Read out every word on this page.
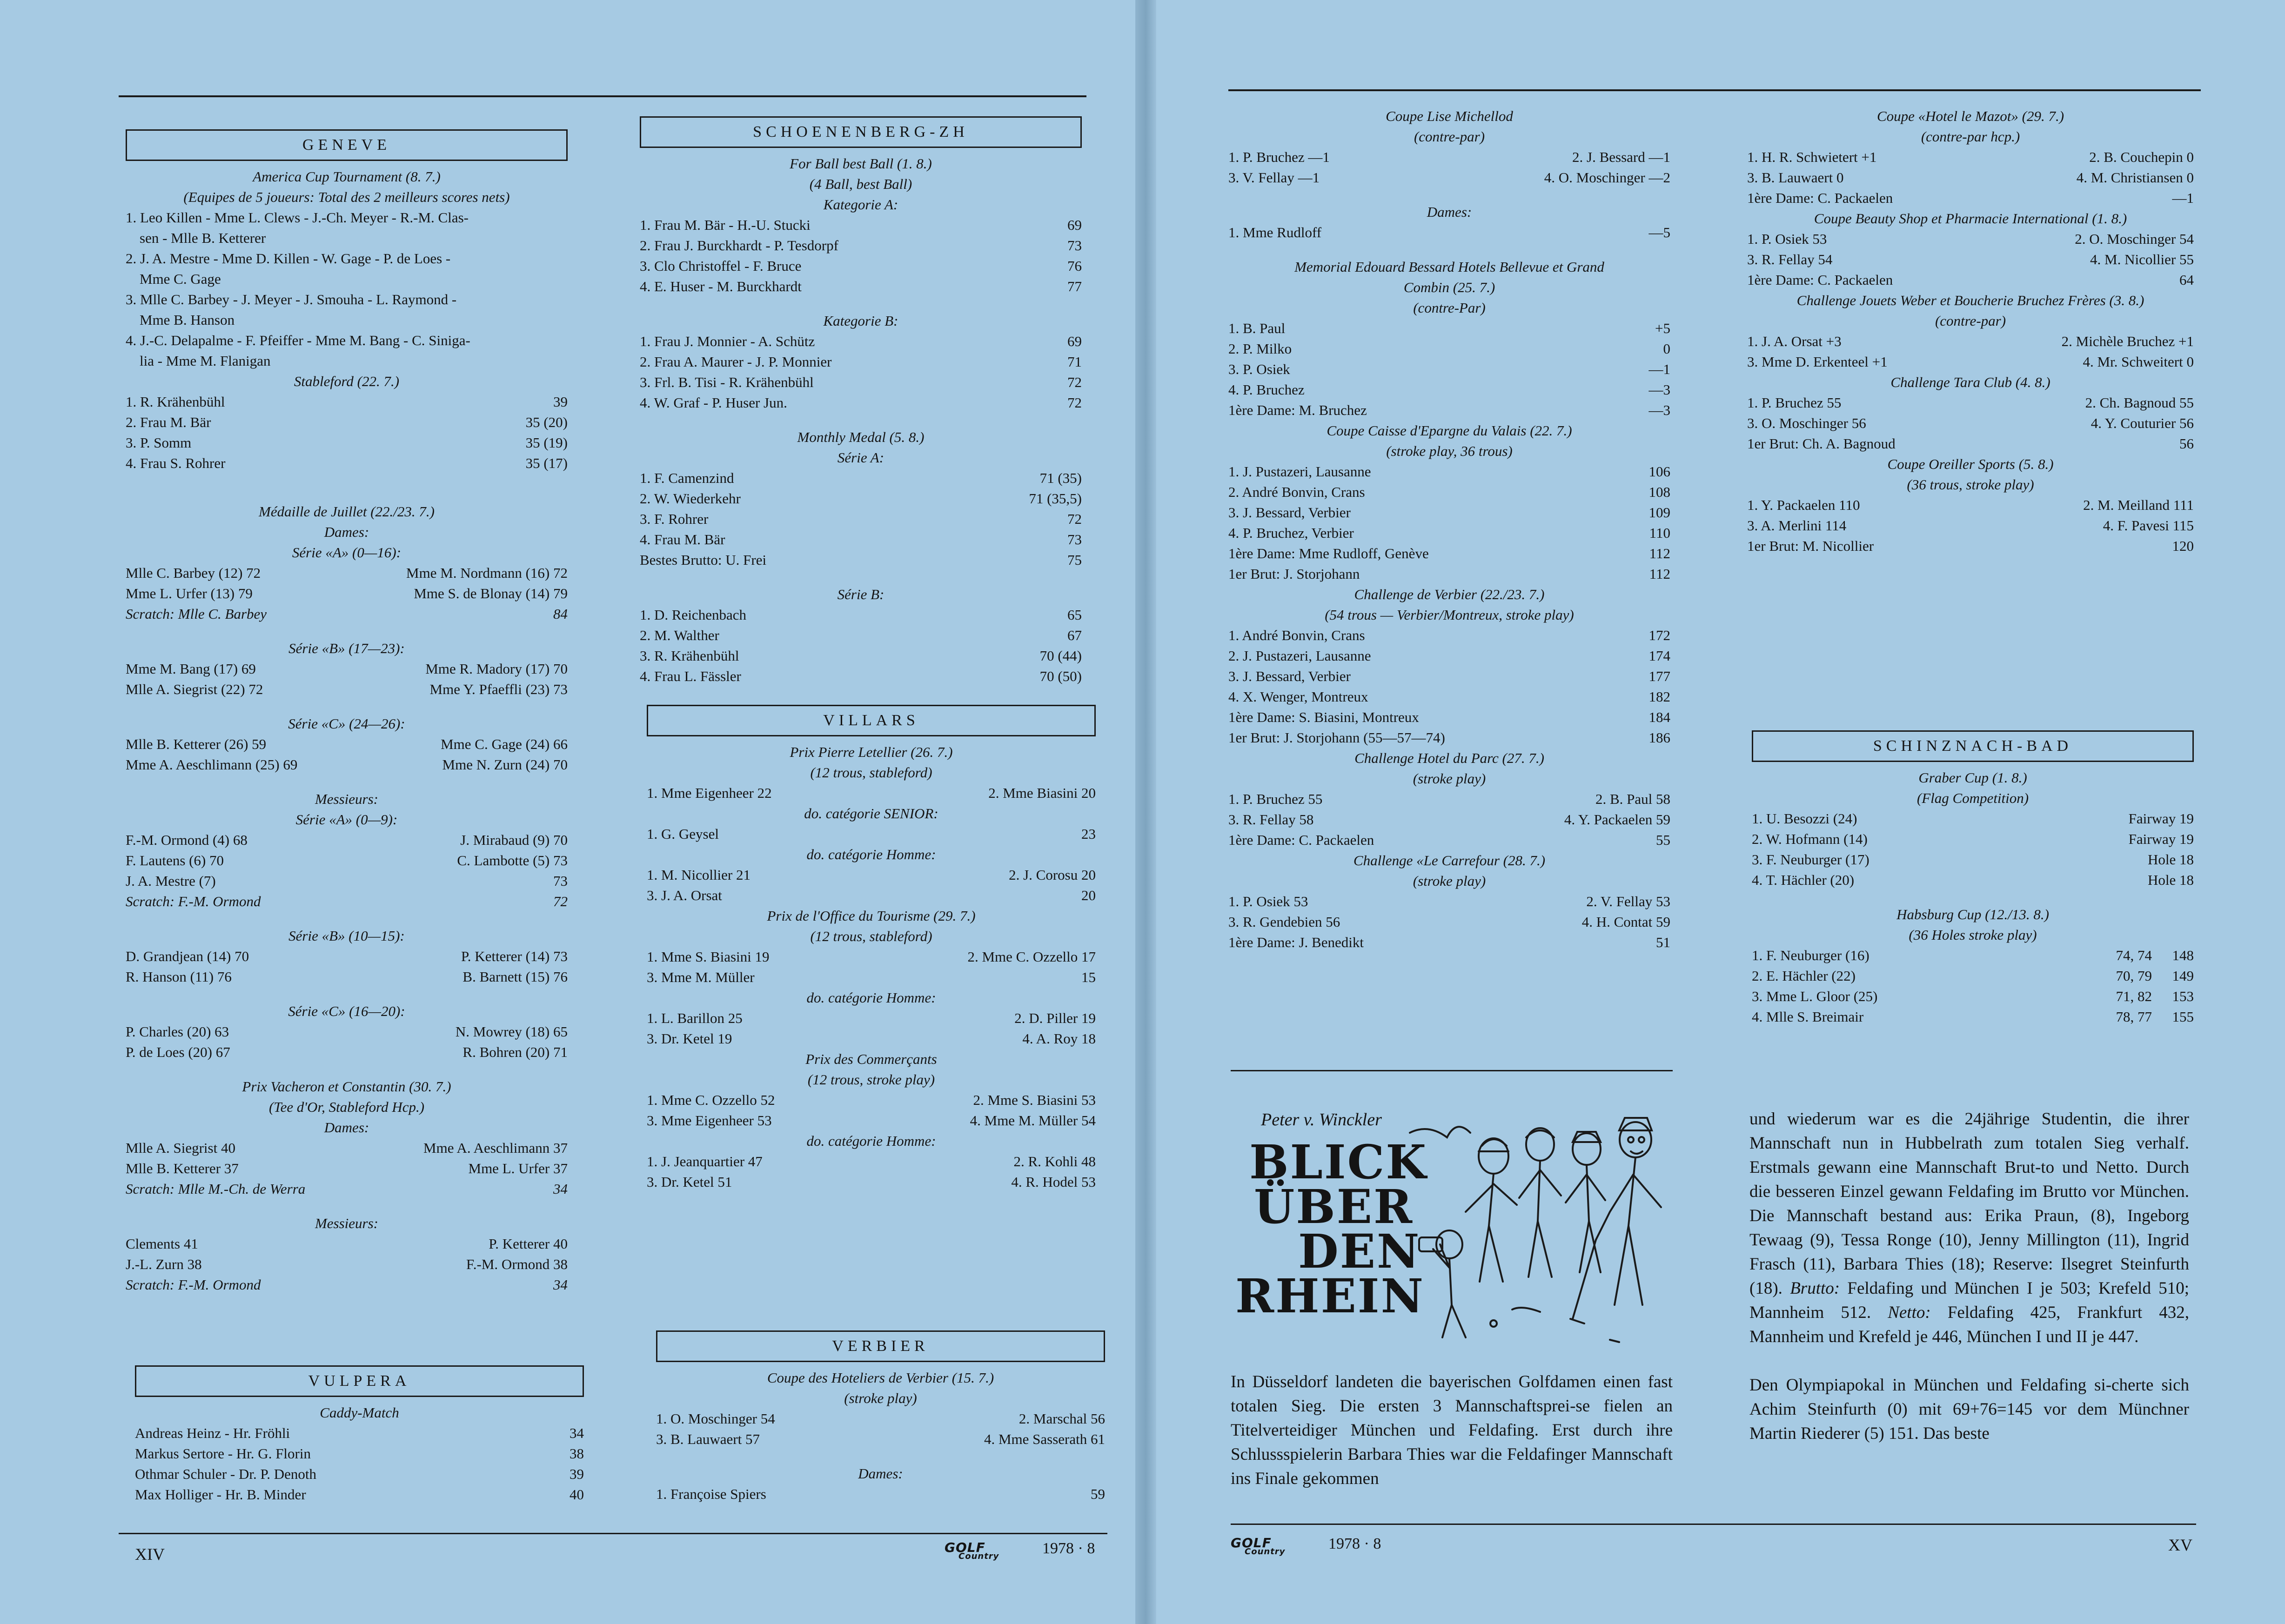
GENEVE
America Cup Tournament (8. 7.)
(Equipes de 5 joueurs: Total des 2 meilleurs scores nets)
1. Leo Killen - Mme L. Clews - J.-Ch. Meyer - R.-M. Clas-
sen - Mlle B. Ketterer
2. J. A. Mestre - Mme D. Killen - W. Gage - P. de Loes -
Mme C. Gage
3. Mlle C. Barbey - J. Meyer - J. Smouha - L. Raymond -
Mme B. Hanson
4. J.-C. Delapalme - F. Pfeiffer - Mme M. Bang - C. Siniga-
lia - Mme M. Flanigan
Stableford (22. 7.)
1. R. Krähenbühl	39
2. Frau M. Bär	35 (20)
3. P. Somm	35 (19)
4. Frau S. Rohrer	35 (17)
Médaille de Juillet (22./23. 7.)
Dames:
Série «A» (0—16):
Mlle C. Barbey (12) 72	Mme M. Nordmann (16) 72
Mme L. Urfer (13) 79	Mme S. de Blonay (14) 79
Scratch: Mlle C. Barbey	84
Série «B» (17—23):
Mme M. Bang (17) 69	Mme R. Madory (17) 70
Mlle A. Siegrist (22) 72	Mme Y. Pfaeffli (23) 73
Série «C» (24—26):
Mlle B. Ketterer (26) 59	Mme C. Gage (24) 66
Mme A. Aeschlimann (25) 69	Mme N. Zurn (24) 70
Messieurs:
Série «A» (0—9):
F.-M. Ormond (4) 68	J. Mirabaud (9) 70
F. Lautens (6) 70	C. Lambotte (5) 73
J. A. Mestre (7)	73
Scratch: F.-M. Ormond	72
Série «B» (10—15):
D. Grandjean (14) 70	P. Ketterer (14) 73
R. Hanson (11) 76	B. Barnett (15) 76
Série «C» (16—20):
P. Charles (20) 63	N. Mowrey (18) 65
P. de Loes (20) 67	R. Bohren (20) 71
Prix Vacheron et Constantin (30. 7.)
(Tee d'Or, Stableford Hcp.)
Dames:
Mlle A. Siegrist 40	Mme A. Aeschlimann 37
Mlle B. Ketterer 37	Mme L. Urfer 37
Scratch: Mlle M.-Ch. de Werra	34
Messieurs:
Clements 41	P. Ketterer 40
J.-L. Zurn 38	F.-M. Ormond 38
Scratch: F.-M. Ormond	34
VULPERA
Caddy-Match
Andreas Heinz - Hr. Fröhli	34
Markus Sertore - Hr. G. Florin	38
Othmar Schuler - Dr. P. Denoth	39
Max Holliger - Hr. B. Minder	40
SCHOENENBERG-ZH
For Ball best Ball (1. 8.)
(4 Ball, best Ball)
Kategorie A:
1. Frau M. Bär - H.-U. Stucki	69
2. Frau J. Burckhardt - P. Tesdorpf	73
3. Clo Christoffel - F. Bruce	76
4. E. Huser - M. Burckhardt	77
Kategorie B:
1. Frau J. Monnier - A. Schütz	69
2. Frau A. Maurer - J. P. Monnier	71
3. Frl. B. Tisi - R. Krähenbühl	72
4. W. Graf - P. Huser Jun.	72
Monthly Medal (5. 8.)
Série A:
1. F. Camenzind	71 (35)
2. W. Wiederkehr	71 (35,5)
3. F. Rohrer	72
4. Frau M. Bär	73
Bestes Brutto: U. Frei	75
Série B:
1. D. Reichenbach	65
2. M. Walther	67
3. R. Krähenbühl	70 (44)
4. Frau L. Fässler	70 (50)
VILLARS
Prix Pierre Letellier (26. 7.)
(12 trous, stableford)
1. Mme Eigenheer 22	2. Mme Biasini 20
do. catégorie SENIOR:
1. G. Geysel	23
do. catégorie Homme:
1. M. Nicollier 21	2. J. Corosu 20
3. J. A. Orsat	20
Prix de l'Office du Tourisme (29. 7.)
(12 trous, stableford)
1. Mme S. Biasini 19	2. Mme C. Ozzello 17
3. Mme M. Müller	15
do. catégorie Homme:
1. L. Barillon 25	2. D. Piller 19
3. Dr. Ketel 19	4. A. Roy 18
Prix des Commerçants
(12 trous, stroke play)
1. Mme C. Ozzello 52	2. Mme S. Biasini 53
3. Mme Eigenheer 53	4. Mme M. Müller 54
do. catégorie Homme:
1. J. Jeanquartier 47	2. R. Kohli 48
3. Dr. Ketel 51	4. R. Hodel 53
VERBIER
Coupe des Hoteliers de Verbier (15. 7.)
(stroke play)
1. O. Moschinger 54	2. Marschal 56
3. B. Lauwaert 57	4. Mme Sasserath 61
Dames:
1. Françoise Spiers	59
XIV	GOLF
Country	1978 · 8
Coupe Lise Michellod
(contre-par)
1. P. Bruchez —1	2. J. Bessard —1
3. V. Fellay —1	4. O. Moschinger —2
Dames:
1. Mme Rudloff	—5
Memorial Edouard Bessard Hotels Bellevue et Grand
Combin (25. 7.)
(contre-Par)
1. B. Paul	+5
2. P. Milko	0
3. P. Osiek	—1
4. P. Bruchez	—3
1ère Dame: M. Bruchez	—3
Coupe Caisse d'Epargne du Valais (22. 7.)
(stroke play, 36 trous)
1. J. Pustazeri, Lausanne	106
2. André Bonvin, Crans	108
3. J. Bessard, Verbier	109
4. P. Bruchez, Verbier	110
1ère Dame: Mme Rudloff, Genève	112
1er Brut: J. Storjohann	112
Challenge de Verbier (22./23. 7.)
(54 trous — Verbier/Montreux, stroke play)
1. André Bonvin, Crans	172
2. J. Pustazeri, Lausanne	174
3. J. Bessard, Verbier	177
4. X. Wenger, Montreux	182
1ère Dame: S. Biasini, Montreux	184
1er Brut: J. Storjohann (55—57—74)	186
Challenge Hotel du Parc (27. 7.)
(stroke play)
1. P. Bruchez 55	2. B. Paul 58
3. R. Fellay 58	4. Y. Packaelen 59
1ère Dame: C. Packaelen	55
Challenge «Le Carrefour (28. 7.)
(stroke play)
1. P. Osiek 53	2. V. Fellay 53
3. R. Gendebien 56	4. H. Contat 59
1ère Dame: J. Benedikt	51
Coupe «Hotel le Mazot» (29. 7.)
(contre-par hcp.)
1. H. R. Schwietert +1	2. B. Couchepin 0
3. B. Lauwaert 0	4. M. Christiansen 0
1ère Dame: C. Packaelen	—1
Coupe Beauty Shop et Pharmacie International (1. 8.)
1. P. Osiek 53	2. O. Moschinger 54
3. R. Fellay 54	4. M. Nicollier 55
1ère Dame: C. Packaelen	64
Challenge Jouets Weber et Boucherie Bruchez Frères (3. 8.)
(contre-par)
1. J. A. Orsat +3	2. Michèle Bruchez +1
3. Mme D. Erkenteel +1	4. Mr. Schweitert 0
Challenge Tara Club (4. 8.)
1. P. Bruchez 55	2. Ch. Bagnoud 55
3. O. Moschinger 56	4. Y. Couturier 56
1er Brut: Ch. A. Bagnoud	56
Coupe Oreiller Sports (5. 8.)
(36 trous, stroke play)
1. Y. Packaelen 110	2. M. Meilland 111
3. A. Merlini 114	4. F. Pavesi 115
1er Brut: M. Nicollier	120
SCHINZNACH-BAD
Graber Cup (1. 8.)
(Flag Competition)
1. U. Besozzi (24)	Fairway 19
2. W. Hofmann (14)	Fairway 19
3. F. Neuburger (17)	Hole 18
4. T. Hächler (20)	Hole 18
Habsburg Cup (12./13. 8.)
(36 Holes stroke play)
1. F. Neuburger (16)	74, 74	148
2. E. Hächler (22)	70, 79	149
3. Mme L. Gloor (25)	71, 82	153
4. Mlle S. Breimair	78, 77	155
Peter v. Winckler
BLICK
ÜBER
DEN
RHEIN
In Düsseldorf landeten die bayerischen Golfdamen einen fast totalen Sieg. Die ersten 3 Mannschaftsprei-se fielen an Titelverteidiger München und Feldafing. Erst durch ihre Schlussspielerin Barbara Thies war die Feldafinger Mannschaft ins Finale gekommen
und wiederum war es die 24jährige Studentin, die ihrer Mannschaft nun in Hubbelrath zum totalen Sieg verhalf. Erstmals gewann eine Mannschaft Brut-to und Netto. Durch die besseren Einzel gewann Feldafing im Brutto vor München. Die Mannschaft bestand aus: Erika Praun, (8), Ingeborg Tewaag (9), Tessa Ronge (10), Jenny Millington (11), Ingrid Frasch (11), Barbara Thies (18); Reserve: Ilsegret Steinfurth (18). Brutto: Feldafing und München I je 503; Krefeld 510; Mannheim 512. Netto: Feldafing 425, Frankfurt 432, Mannheim und Krefeld je 446, München I und II je 447.
Den Olympiapokal in München und Feldafing si-cherte sich Achim Steinfurth (0) mit 69+76=145 vor dem Münchner Martin Riederer (5) 151. Das beste
GOLF
Country	1978 · 8	XV
